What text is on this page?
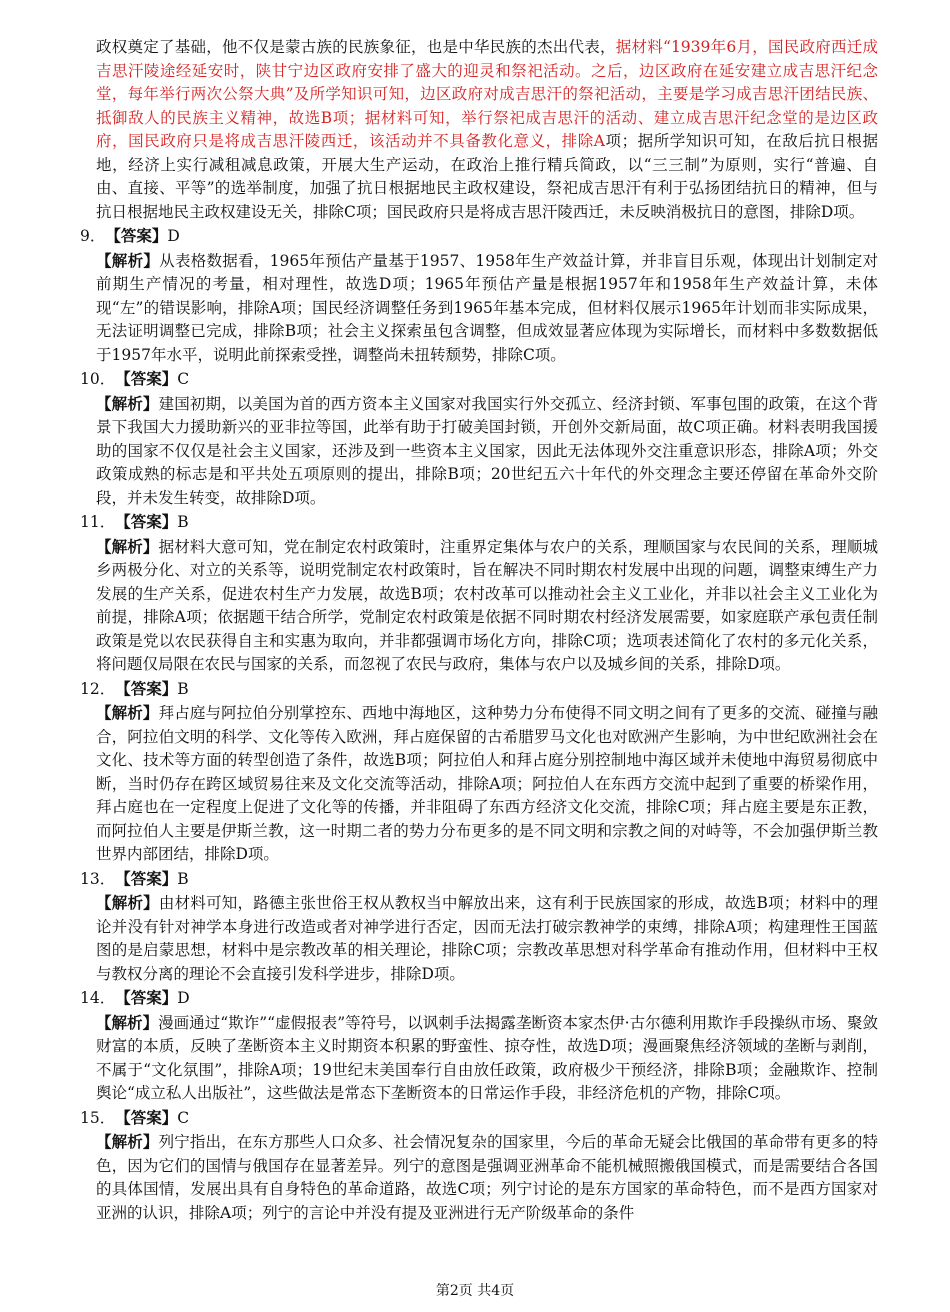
政权奠定了基础，他不仅是蒙古族的民族象征，也是中华民族的杰出代表，据材料“1939年6月，国民政府西迁成吉思汗陵途经延安时，陕甘宁边区政府安排了盛大的迎灵和祭祀活动。之后，边区政府在延安建立成吉思汗纪念堂，每年举行两次公祭大典”及所学知识可知，边区政府对成吉思汗的祭祀活动，主要是学习成吉思汗团结民族、抵御敌人的民族主义精神，故选B项；据材料可知，举行祭祀成吉思汗的活动、建立成吉思汗纪念堂的是边区政府，国民政府只是将成吉思汗陵西迁，该活动并不具备教化意义，排除A项；据所学知识可知，在敌后抗日根据地，经济上实行减租减息政策，开展大生产运动，在政治上推行精兵简政，以“三三制”为原则，实行“普遍、自由、直接、平等”的选举制度，加强了抗日根据地民主政权建设，祭祀成吉思汗有利于弘扬团结抗日的精神，但与抗日根据地民主政权建设无关，排除C项；国民政府只是将成吉思汗陵西迁，未反映消极抗日的意图，排除D项。

9．【答案】D

【解析】从表格数据看，1965年预估产量基于1957、1958年生产效益计算，并非盲目乐观，体现出计划制定对前期生产情况的考量，相对理性，故选D项；1965年预估产量是根据1957年和1958年生产效益计算，未体现“左”的错误影响，排除A项；国民经济调整任务到1965年基本完成，但材料仅展示1965年计划而非实际成果，无法证明调整已完成，排除B项；社会主义探索虽包含调整，但成效显著应体现为实际增长，而材料中多数数据低于1957年水平，说明此前探索受挫，调整尚未扭转颓势，排除C项。

10．【答案】C

【解析】建国初期，以美国为首的西方资本主义国家对我国实行外交孤立、经济封锁、军事包围的政策，在这个背景下我国大力援助新兴的亚非拉等国，此举有助于打破美国封锁，开创外交新局面，故C项正确。材料表明我国援助的国家不仅仅是社会主义国家，还涉及到一些资本主义国家，因此无法体现外交注重意识形态，排除A项；外交政策成熟的标志是和平共处五项原则的提出，排除B项；20世纪五六十年代的外交理念主要还停留在革命外交阶段，并未发生转变，故排除D项。

11．【答案】B

【解析】据材料大意可知，党在制定农村政策时，注重界定集体与农户的关系，理顺国家与农民间的关系，理顺城乡两极分化、对立的关系等，说明党制定农村政策时，旨在解决不同时期农村发展中出现的问题，调整束缚生产力发展的生产关系，促进农村生产力发展，故选B项；农村改革可以推动社会主义工业化，并非以社会主义工业化为前提，排除A项；依据题干结合所学，党制定农村政策是依据不同时期农村经济发展需要，如家庭联产承包责任制政策是党以农民获得自主和实惠为取向，并非都强调市场化方向，排除C项；选项表述简化了农村的多元化关系，将问题仅局限在农民与国家的关系，而忽视了农民与政府，集体与农户以及城乡间的关系，排除D项。

12．【答案】B

【解析】拜占庭与阿拉伯分别掌控东、西地中海地区，这种势力分布使得不同文明之间有了更多的交流、碰撞与融合，阿拉伯文明的科学、文化等传入欧洲，拜占庭保留的古希腊罗马文化也对欧洲产生影响，为中世纪欧洲社会在文化、技术等方面的转型创造了条件，故选B项；阿拉伯人和拜占庭分别控制地中海区域并未使地中海贸易彻底中断，当时仍存在跨区域贸易往来及文化交流等活动，排除A项；阿拉伯人在东西方交流中起到了重要的桥梁作用，拜占庭也在一定程度上促进了文化等的传播，并非阻碍了东西方经济文化交流，排除C项；拜占庭主要是东正教，而阿拉伯人主要是伊斯兰教，这一时期二者的势力分布更多的是不同文明和宗教之间的对峙等，不会加强伊斯兰教世界内部团结，排除D项。

13．【答案】B

【解析】由材料可知，路德主张世俗王权从教权当中解放出来，这有利于民族国家的形成，故选B项；材料中的理论并没有针对神学本身进行改造或者对神学进行否定，因而无法打破宗教神学的束缚，排除A项；构建理性王国蓝图的是启蒙思想，材料中是宗教改革的相关理论，排除C项；宗教改革思想对科学革命有推动作用，但材料中王权与教权分离的理论不会直接引发科学进步，排除D项。

14．【答案】D

【解析】漫画通过“欺诈”“虚假报表”等符号，以讽刺手法揭露垄断资本家杰伊·古尔德利用欺诈手段操纵市场、聚敛财富的本质，反映了垄断资本主义时期资本积累的野蛮性、掠夺性，故选D项；漫画聚焦经济领域的垄断与剥削，不属于“文化氛围”，排除A项；19世纪末美国奉行自由放任政策，政府极少干预经济，排除B项；金融欺诈、控制舆论“成立私人出版社”，这些做法是常态下垄断资本的日常运作手段，非经济危机的产物，排除C项。

15．【答案】C

【解析】列宁指出，在东方那些人口众多、社会情况复杂的国家里，今后的革命无疑会比俄国的革命带有更多的特色，因为它们的国情与俄国存在显著差异。列宁的意图是强调亚洲革命不能机械照搬俄国模式，而是需要结合各国的具体国情，发展出具有自身特色的革命道路，故选C项；列宁讨论的是东方国家的革命特色，而不是西方国家对亚洲的认识，排除A项；列宁的言论中并没有提及亚洲进行无产阶级革命的条件

第2页 共4页
